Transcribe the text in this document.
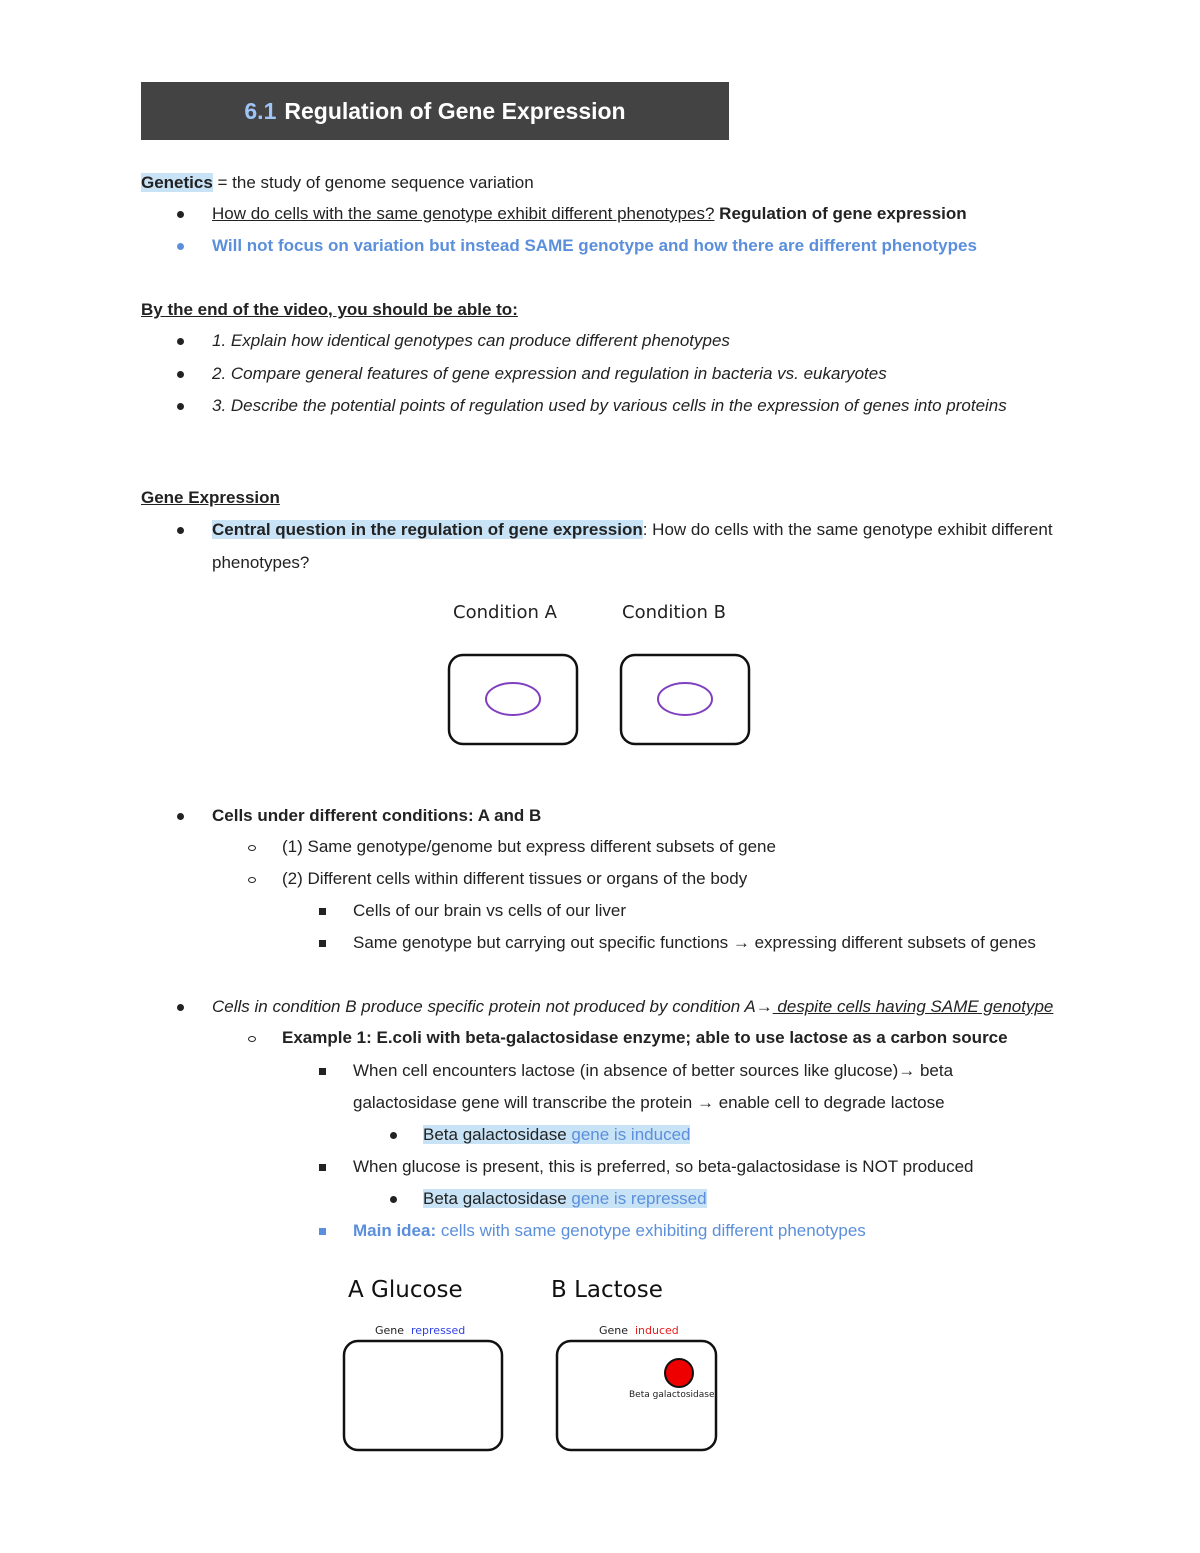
6.1 Regulation of Gene Expression
Genetics = the study of genome sequence variation
How do cells with the same genotype exhibit different phenotypes? Regulation of gene expression
Will not focus on variation but instead SAME genotype and how there are different phenotypes
By the end of the video, you should be able to:
1. Explain how identical genotypes can produce different phenotypes
2. Compare general features of gene expression and regulation in bacteria vs. eukaryotes
3. Describe the potential points of regulation used by various cells in the expression of genes into proteins
Gene Expression
Central question in the regulation of gene expression: How do cells with the same genotype exhibit different
phenotypes?
Condition A	Condition B
Cells under different conditions: A and B
(1) Same genotype/genome but express different subsets of gene
(2) Different cells within different tissues or organs of the body
Cells of our brain vs cells of our liver
Same genotype but carrying out specific functions → expressing different subsets of genes
Cells in condition B produce specific protein not produced by condition A→ despite cells having SAME genotype
Example 1: E.coli with beta-galactosidase enzyme; able to use lactose as a carbon source
When cell encounters lactose (in absence of better sources like glucose)→ beta
galactosidase gene will transcribe the protein → enable cell to degrade lactose
Beta galactosidase gene is induced
When glucose is present, this is preferred, so beta-galactosidase is NOT produced
Beta galactosidase gene is repressed
Main idea: cells with same genotype exhibiting different phenotypes
A Glucose	B Lactose
Gene repressed	Gene induced
Beta galactosidase
